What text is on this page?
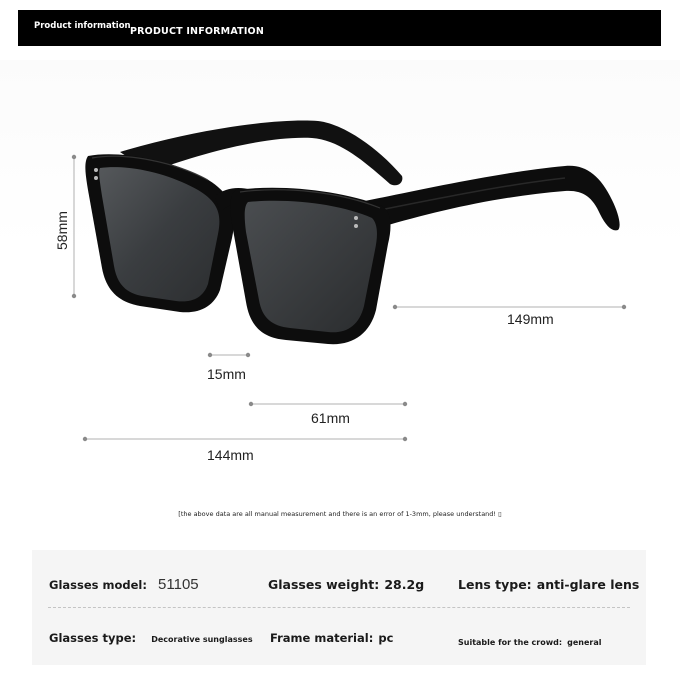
Product information PRODUCT INFORMATION
58mm
149mm
15mm
61mm
144mm
[the above data are all manual measurement and there is an error of 1-3mm, please understand! ▯
Glasses model: 51105	Glasses weight: 28.2g	Lens type: anti-glare lens
Glasses type: Decorative sunglasses Frame material: pc	Suitable for the crowd: general
